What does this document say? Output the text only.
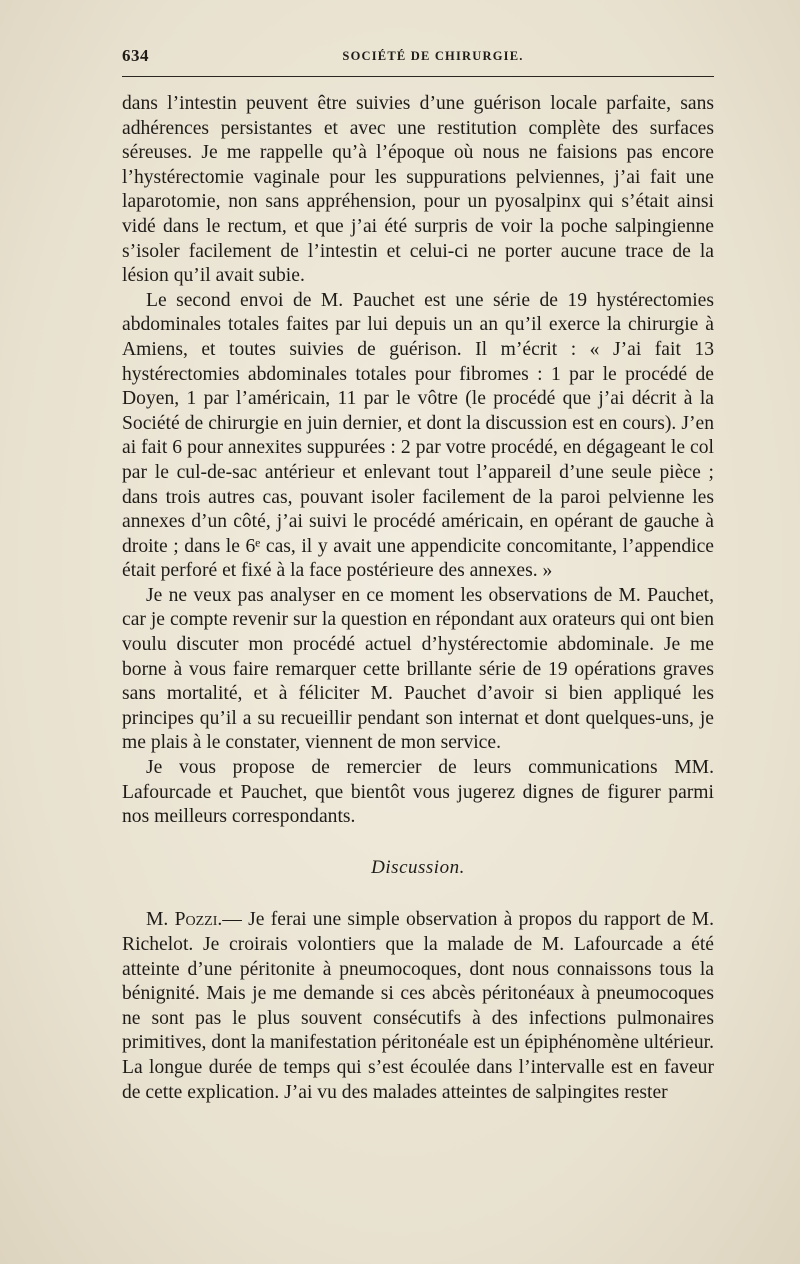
634	SOCIÉTÉ DE CHIRURGIE.

dans l’intestin peuvent être suivies d’une guérison locale parfaite, sans adhérences persistantes et avec une restitution complète des surfaces séreuses. Je me rappelle qu’à l’époque où nous ne faisions pas encore l’hystérectomie vaginale pour les suppurations pelviennes, j’ai fait une laparotomie, non sans appréhension, pour un pyosalpinx qui s’était ainsi vidé dans le rectum, et que j’ai été surpris de voir la poche salpingienne s’isoler facilement de l’intestin et celui-ci ne porter aucune trace de la lésion qu’il avait subie.

Le second envoi de M. Pauchet est une série de 19 hystérectomies abdominales totales faites par lui depuis un an qu’il exerce la chirurgie à Amiens, et toutes suivies de guérison. Il m’écrit : « J’ai fait 13 hystérectomies abdominales totales pour fibromes : 1 par le procédé de Doyen, 1 par l’américain, 11 par le vôtre (le procédé que j’ai décrit à la Société de chirurgie en juin dernier, et dont la discussion est en cours). J’en ai fait 6 pour annexites suppurées : 2 par votre procédé, en dégageant le col par le cul-de-sac antérieur et enlevant tout l’appareil d’une seule pièce ; dans trois autres cas, pouvant isoler facilement de la paroi pelvienne les annexes d’un côté, j’ai suivi le procédé américain, en opérant de gauche à droite ; dans le 6ᵉ cas, il y avait une appendicite concomitante, l’appendice était perforé et fixé à la face postérieure des annexes. »

Je ne veux pas analyser en ce moment les observations de M. Pauchet, car je compte revenir sur la question en répondant aux orateurs qui ont bien voulu discuter mon procédé actuel d’hystérectomie abdominale. Je me borne à vous faire remarquer cette brillante série de 19 opérations graves sans mortalité, et à féliciter M. Pauchet d’avoir si bien appliqué les principes qu’il a su recueillir pendant son internat et dont quelques-uns, je me plais à le constater, viennent de mon service.

Je vous propose de remercier de leurs communications MM. Lafourcade et Pauchet, que bientôt vous jugerez dignes de figurer parmi nos meilleurs correspondants.

Discussion.

M. Pozzi.— Je ferai une simple observation à propos du rapport de M. Richelot. Je croirais volontiers que la malade de M. Lafourcade a été atteinte d’une péritonite à pneumocoques, dont nous connaissons tous la bénignité. Mais je me demande si ces abcès péritonéaux à pneumocoques ne sont pas le plus souvent consécutifs à des infections pulmonaires primitives, dont la manifestation péritonéale est un épiphénomène ultérieur. La longue durée de temps qui s’est écoulée dans l’intervalle est en faveur de cette explication. J’ai vu des malades atteintes de salpingites rester
